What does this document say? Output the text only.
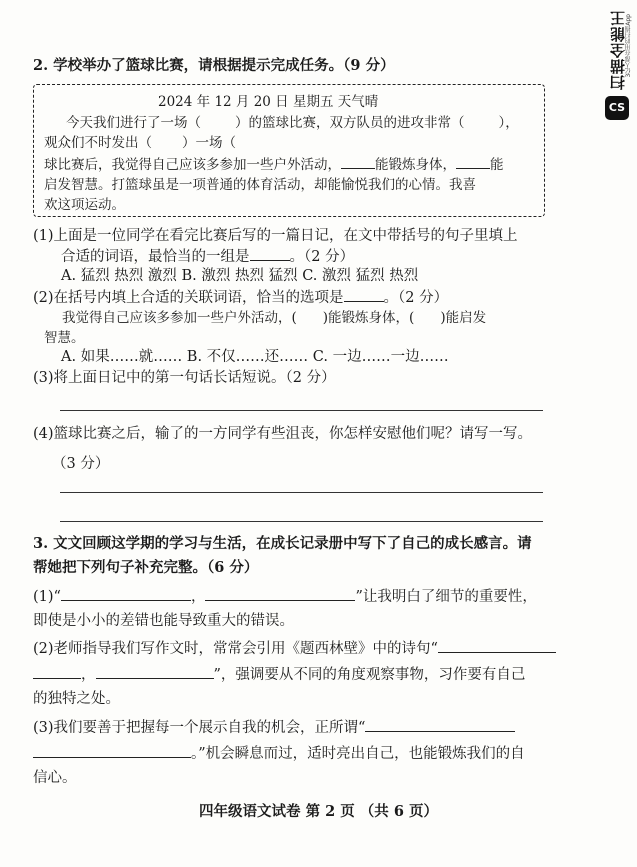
扫描全能王
3亿人都在用的扫描App
CS
2. 学校举办了篮球比赛，请根据提示完成任务。（9 分）
2024 年 12 月 20 日 星期五 天气晴
今天我们进行了一场（	）的篮球比赛，双方队员的进攻非常（	），
观众们不时发出（ ）一场（
球比赛后，我觉得自己应该多参加一些户外活动，	能锻炼身体，	能
启发智慧。打篮球虽是一项普通的体育活动，却能愉悦我们的心情。我喜
欢这项运动。
(1)上面是一位同学在看完比赛后写的一篇日记，在文中带括号的句子里填上
合适的词语，最恰当的一组是	。（2 分）
A. 猛烈 热烈 激烈 B. 激烈 热烈 猛烈 C. 激烈 猛烈 热烈
(2)在括号内填上合适的关联词语，恰当的选项是	。（2 分）
我觉得自己应该多参加一些户外活动，( )能锻炼身体，( )能启发
智慧。
A. 如果……就…… B. 不仅……还…… C. 一边……一边……
(3)将上面日记中的第一句话长话短说。（2 分）
(4)篮球比赛之后，输了的一方同学有些沮丧，你怎样安慰他们呢？请写一写。
（3 分）
3. 文文回顾这学期的学习与生活，在成长记录册中写下了自己的成长感言。请
帮她把下列句子补充完整。（6 分）
(1)“	，	”让我明白了细节的重要性，
即使是小小的差错也能导致重大的错误。
(2)老师指导我们写作文时，常常会引用《题西林壁》中的诗句“
，	”，强调要从不同的角度观察事物，习作要有自己
的独特之处。
(3)我们要善于把握每一个展示自我的机会，正所谓“
。”机会瞬息而过，适时亮出自己，也能锻炼我们的自
信心。
四年级语文试卷 第 2 页 （共 6 页）
